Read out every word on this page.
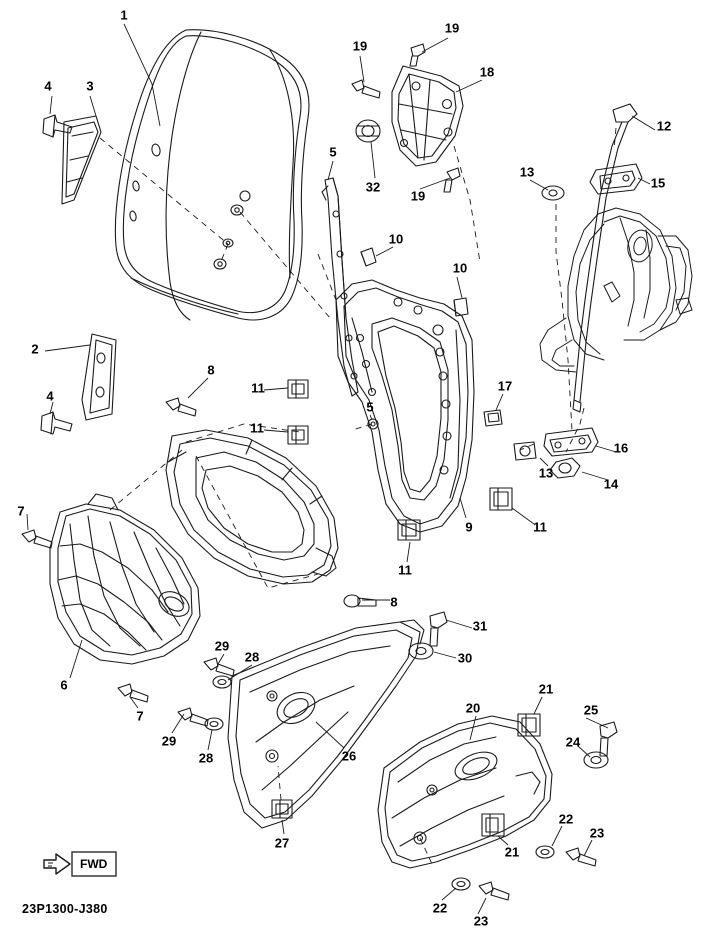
1
19
19
18
4	3
12
13
15
5
32
19
10
10
2
8
11	17
4
5
11
16
13
14
7
11
9
11
8
6
7
29
28
31
30
21
20	25
24
29
28	26
22
23
27
21
22
23
FWD
23P1300-J380
